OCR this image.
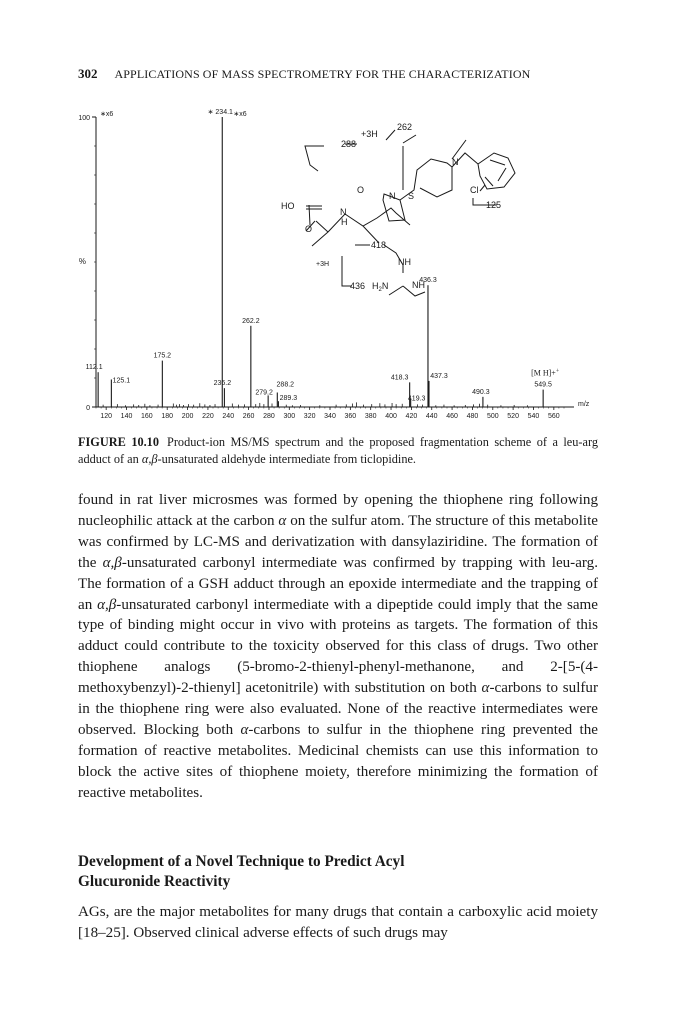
302 APPLICATIONS OF MASS SPECTROMETRY FOR THE CHARACTERIZATION
0
100
%
m/z
120 140 160 180 200 220 240 260 280 300 320 340 360 380 400 420 440 460 480 500 520 540 560
∗x6	∗x6
112.1
125.1
175.2
∗ 234.1
236.2
262.2
279.2
288.2
289.3
418.3
419.3
436.3
437.3
490.3
549.5
[M H]++
HO
O
O
N
H
N S
N
Cl
NH
NH
$H_2N$
+3H
262
288
125
418
436
+3H
FIGURE 10.10 Product-ion MS/MS spectrum and the proposed fragmentation scheme of a leu-arg adduct of an α,β-unsaturated aldehyde intermediate from ticlopidine.

found in rat liver microsmes was formed by opening the thiophene ring following nucleophilic attack at the carbon α on the sulfur atom. The structure of this metabolite was confirmed by LC-MS and derivatization with dansylaziridine. The formation of the α,β-unsaturated carbonyl intermediate was confirmed by trapping with leu-arg. The formation of a GSH adduct through an epoxide intermediate and the trapping of an α,β-unsaturated carbonyl intermediate with a dipeptide could imply that the same type of binding might occur in vivo with proteins as targets. The formation of this adduct could contribute to the toxicity observed for this class of drugs. Two other thiophene analogs (5-bromo-2-thienyl-phenyl-methanone, and 2-[5-(4-methoxybenzyl)-2-thienyl] acetonitrile) with substitution on both α-carbons to sulfur in the thiophene ring were also evaluated. None of the reactive intermediates were observed. Blocking both α-carbons to sulfur in the thiophene ring prevented the formation of reactive metabolites. Medicinal chemists can use this information to block the active sites of thiophene moiety, therefore minimizing the formation of reactive metabolites.

Development of a Novel Technique to Predict Acyl
Glucuronide Reactivity

AGs, are the major metabolites for many drugs that contain a carboxylic acid moiety [18–25]. Observed clinical adverse effects of such drugs may
